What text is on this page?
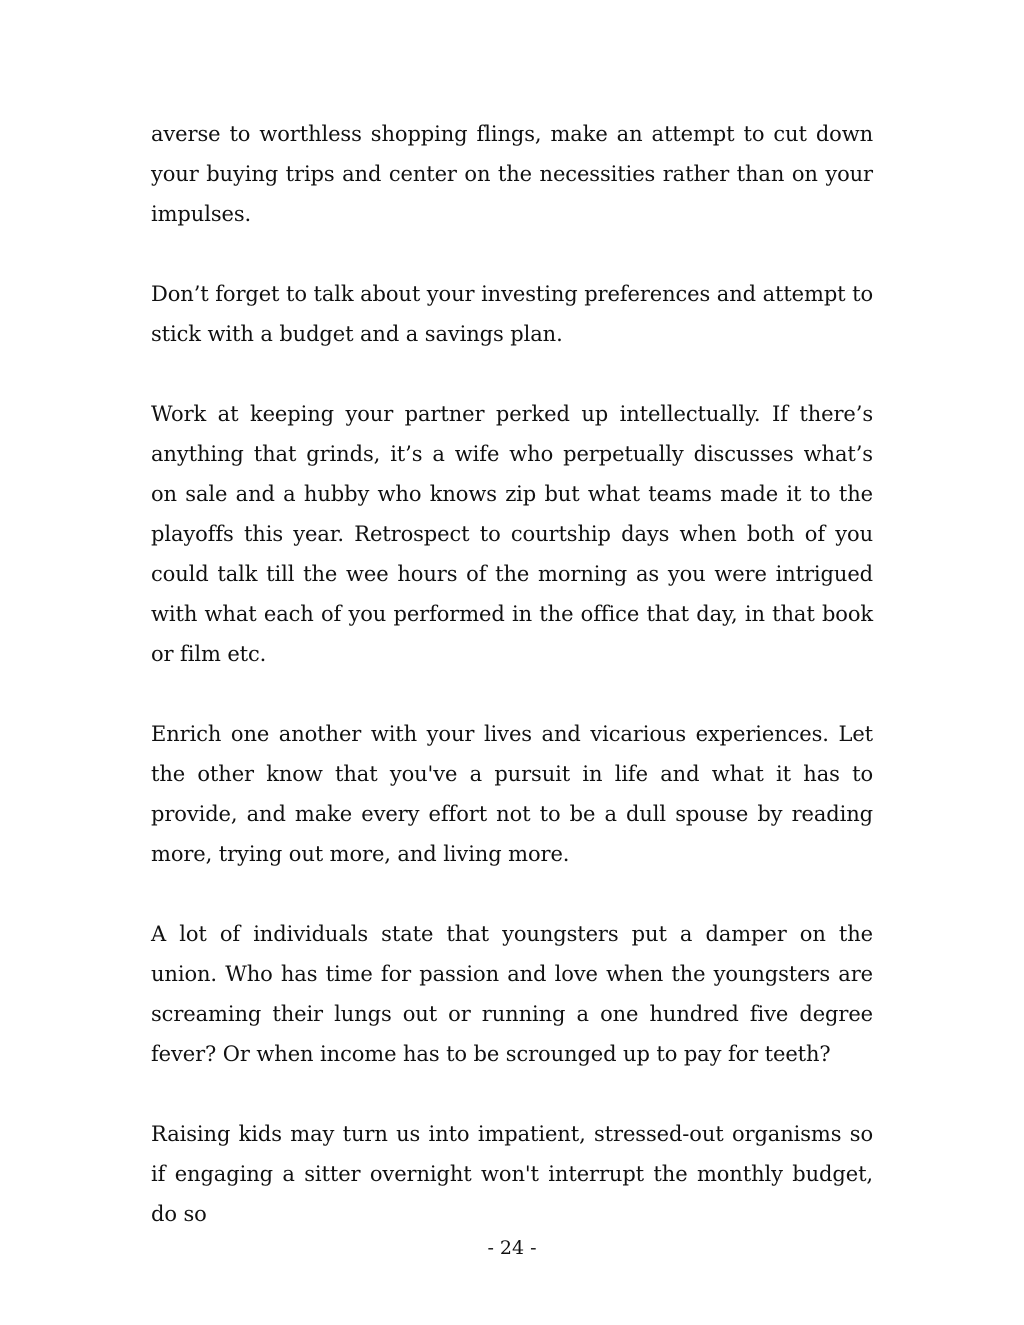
averse to worthless shopping flings, make an attempt to cut down your buying trips and center on the necessities rather than on your impulses.

Don’t forget to talk about your investing preferences and attempt to stick with a budget and a savings plan.

Work at keeping your partner perked up intellectually. If there’s anything that grinds, it’s a wife who perpetually discusses what’s on sale and a hubby who knows zip but what teams made it to the playoffs this year. Retrospect to courtship days when both of you could talk till the wee hours of the morning as you were intrigued with what each of you performed in the office that day, in that book or film etc.

Enrich one another with your lives and vicarious experiences. Let the other know that you've a pursuit in life and what it has to provide, and make every effort not to be a dull spouse by reading more, trying out more, and living more.

A lot of individuals state that youngsters put a damper on the union. Who has time for passion and love when the youngsters are screaming their lungs out or running a one hundred five degree fever? Or when income has to be scrounged up to pay for teeth?

Raising kids may turn us into impatient, stressed-out organisms so if engaging a sitter overnight won't interrupt the monthly budget, do so

- 24 -
